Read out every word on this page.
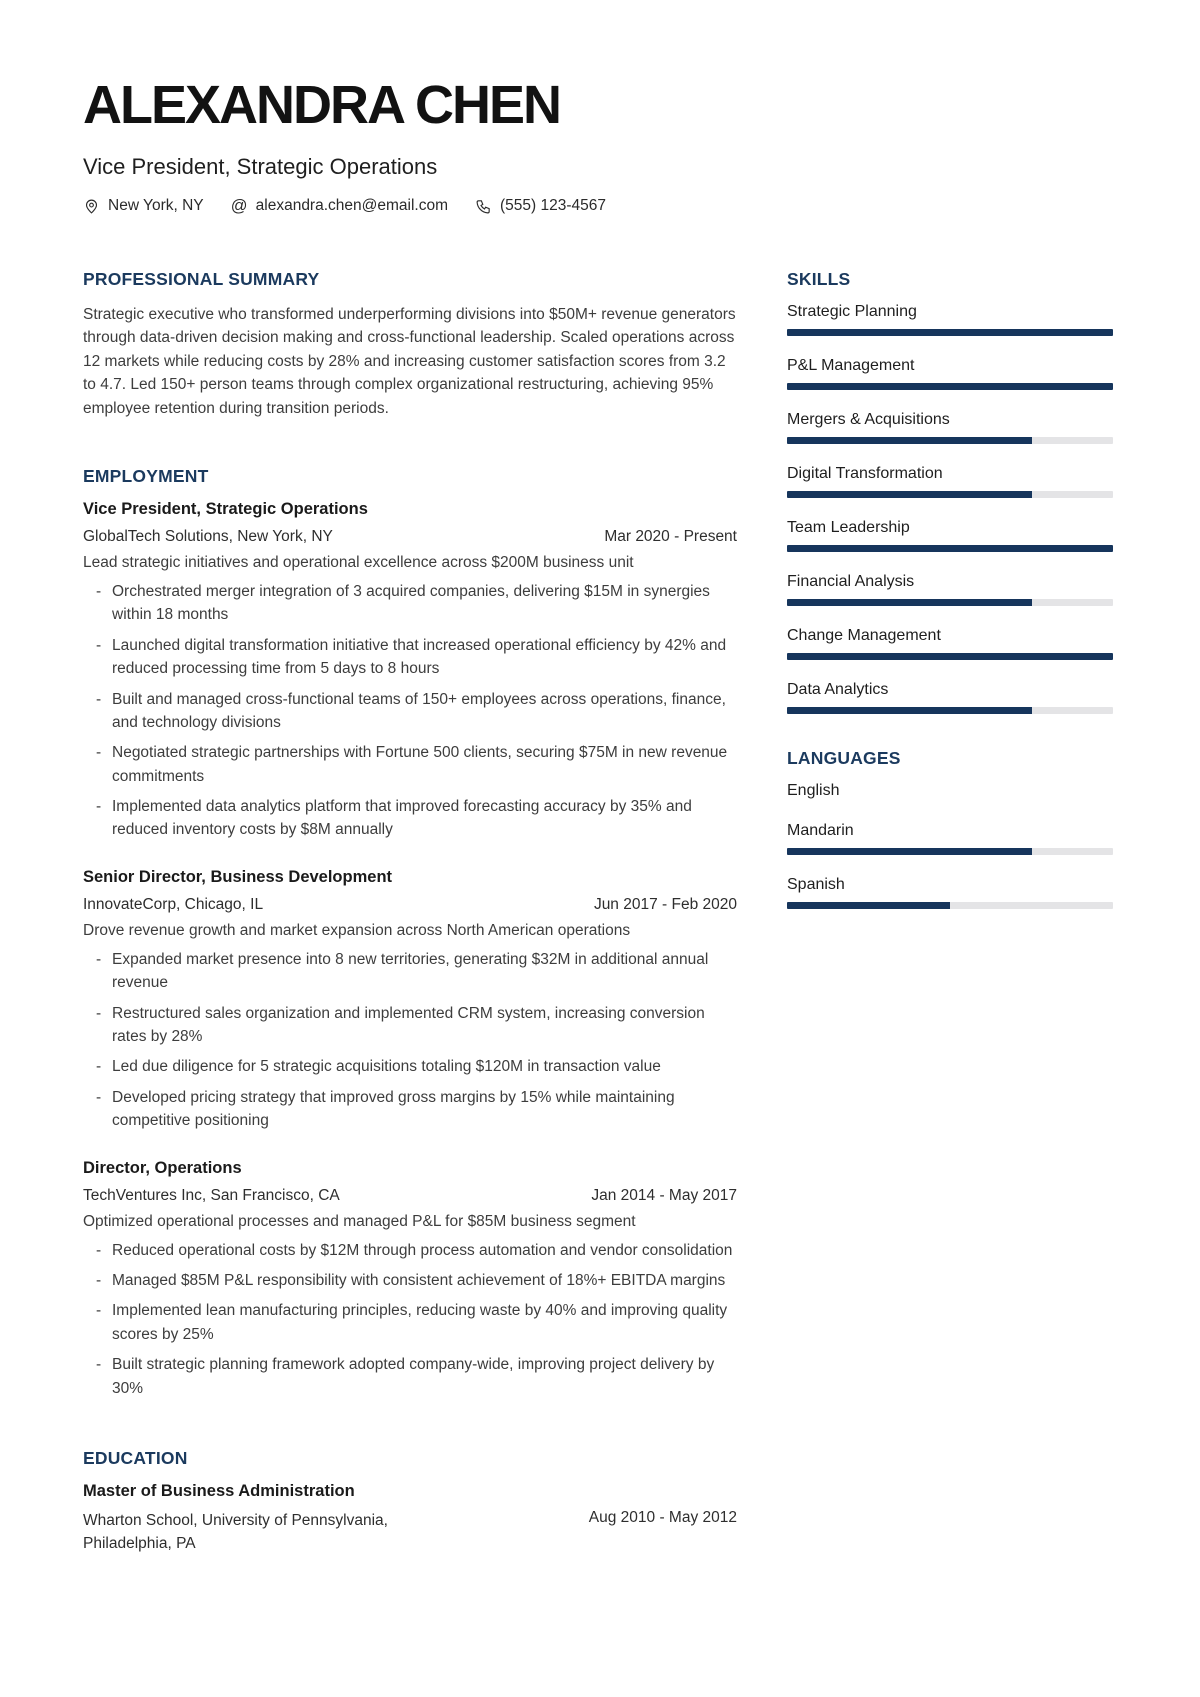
ALEXANDRA CHEN
Vice President, Strategic Operations
New York, NY @ alexandra.chen@email.com	(555) 123-4567
PROFESSIONAL SUMMARY
Strategic executive who transformed underperforming divisions into $50M+ revenue generators through data-driven decision making and cross-functional leadership. Scaled operations across 12 markets while reducing costs by 28% and increasing customer satisfaction scores from 3.2 to 4.7. Led 150+ person teams through complex organizational restructuring, achieving 95% employee retention during transition periods.
EMPLOYMENT
Vice President, Strategic Operations
GlobalTech Solutions, New York, NY	Mar 2020 - Present
Lead strategic initiatives and operational excellence across $200M business unit
- Orchestrated merger integration of 3 acquired companies, delivering $15M in synergies within 18 months
- Launched digital transformation initiative that increased operational efficiency by 42% and reduced processing time from 5 days to 8 hours
- Built and managed cross-functional teams of 150+ employees across operations, finance, and technology divisions
- Negotiated strategic partnerships with Fortune 500 clients, securing $75M in new revenue commitments
- Implemented data analytics platform that improved forecasting accuracy by 35% and reduced inventory costs by $8M annually
Senior Director, Business Development
InnovateCorp, Chicago, IL	Jun 2017 - Feb 2020
Drove revenue growth and market expansion across North American operations
- Expanded market presence into 8 new territories, generating $32M in additional annual revenue
- Restructured sales organization and implemented CRM system, increasing conversion rates by 28%
- Led due diligence for 5 strategic acquisitions totaling $120M in transaction value
- Developed pricing strategy that improved gross margins by 15% while maintaining competitive positioning
Director, Operations
TechVentures Inc, San Francisco, CA	Jan 2014 - May 2017
Optimized operational processes and managed P&L for $85M business segment
- Reduced operational costs by $12M through process automation and vendor consolidation
- Managed $85M P&L responsibility with consistent achievement of 18%+ EBITDA margins
- Implemented lean manufacturing principles, reducing waste by 40% and improving quality scores by 25%
- Built strategic planning framework adopted company-wide, improving project delivery by 30%
EDUCATION
Master of Business Administration
Wharton School, University of Pennsylvania, Philadelphia, PA
Aug 2010 - May 2012
SKILLS
Strategic Planning
P&L Management
Mergers & Acquisitions
Digital Transformation
Team Leadership
Financial Analysis
Change Management
Data Analytics
LANGUAGES
English
Mandarin
Spanish
